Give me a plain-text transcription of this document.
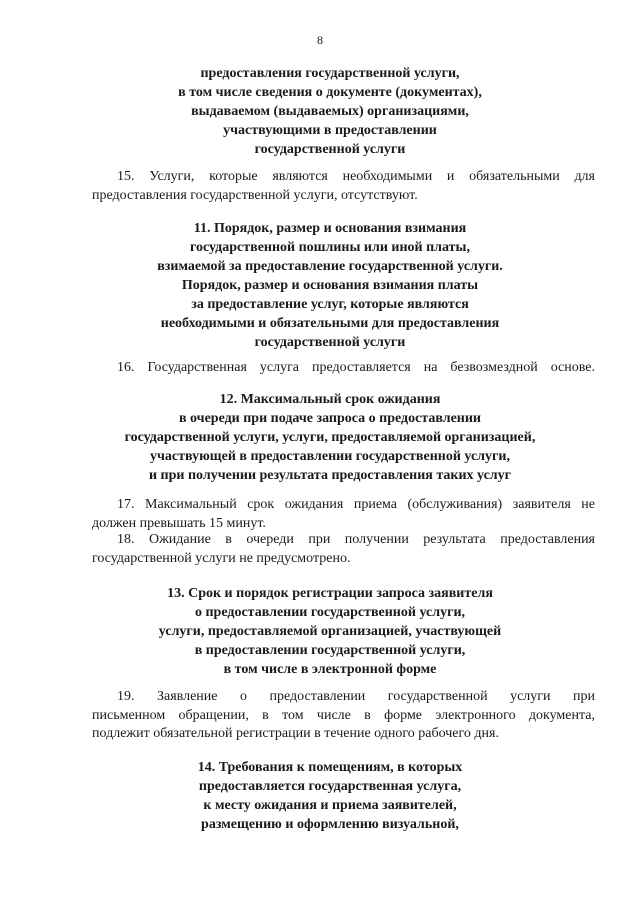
8
предоставления государственной услуги,
в том числе сведения о документе (документах),
выдаваемом (выдаваемых) организациями,
участвующими в предоставлении
государственной услуги
15. Услуги, которые являются необходимыми и обязательными для
предоставления государственной услуги, отсутствуют.
11. Порядок, размер и основания взимания
государственной пошлины или иной платы,
взимаемой за предоставление государственной услуги.
Порядок, размер и основания взимания платы
за предоставление услуг, которые являются
необходимыми и обязательными для предоставления
государственной услуги
16. Государственная услуга предоставляется на безвозмездной основе.
12. Максимальный срок ожидания
в очереди при подаче запроса о предоставлении
государственной услуги, услуги, предоставляемой организацией,
участвующей в предоставлении государственной услуги,
и при получении результата предоставления таких услуг
17. Максимальный срок ожидания приема (обслуживания) заявителя не
должен превышать 15 минут.
18. Ожидание в очереди при получении результата предоставления
государственной услуги не предусмотрено.
13. Срок и порядок регистрации запроса заявителя
о предоставлении государственной услуги,
услуги, предоставляемой организацией, участвующей
в предоставлении государственной услуги,
в том числе в электронной форме
19. Заявление о предоставлении государственной услуги при
письменном обращении, в том числе в форме электронного документа,
подлежит обязательной регистрации в течение одного рабочего дня.
14. Требования к помещениям, в которых
предоставляется государственная услуга,
к месту ожидания и приема заявителей,
размещению и оформлению визуальной,
